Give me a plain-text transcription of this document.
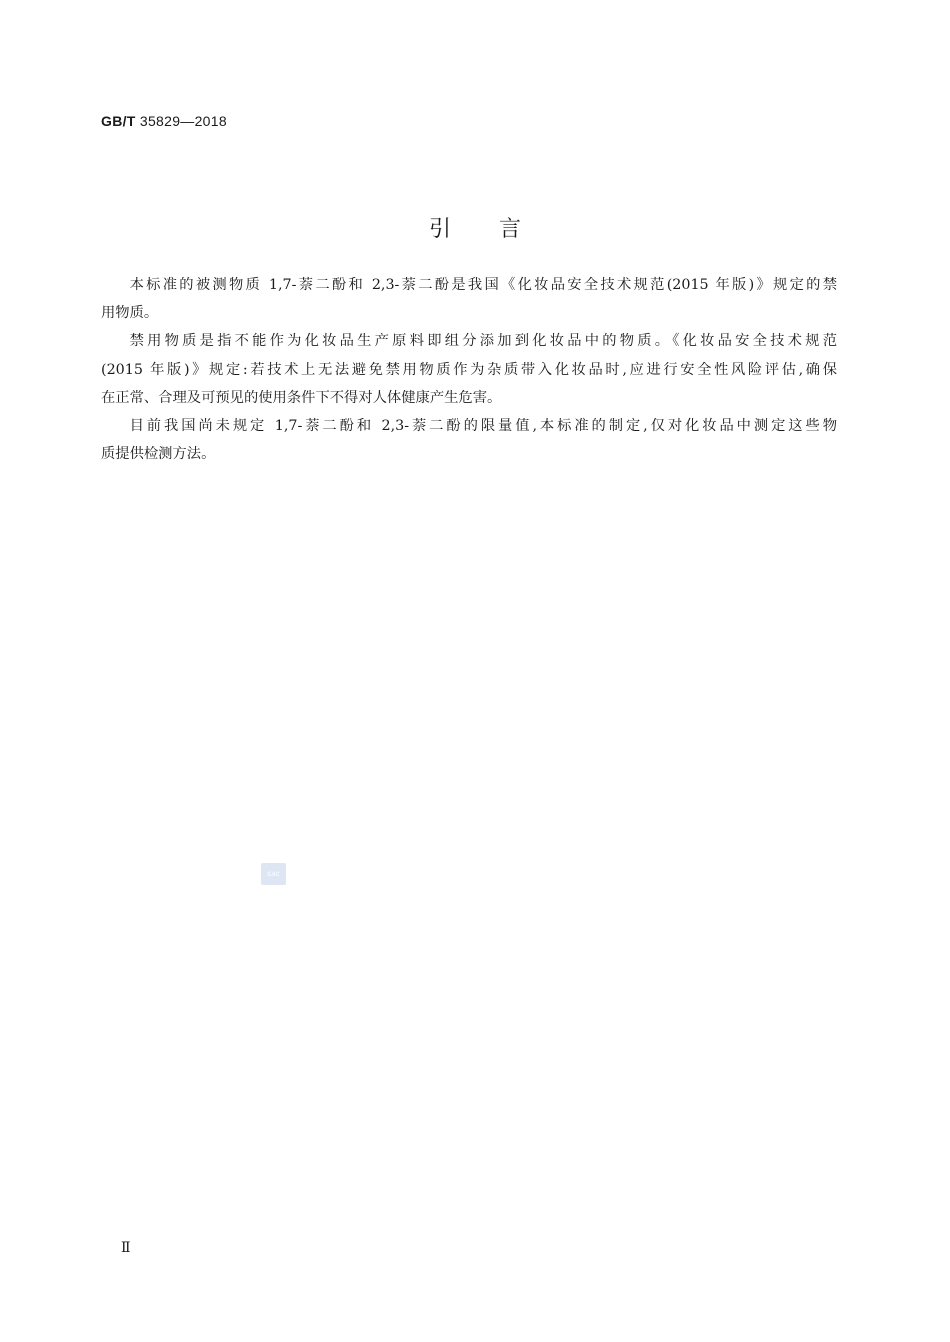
GB/T 35829—2018
引言

本标准的被测物质 1,7-萘二酚和 2,3-萘二酚是我国《化妆品安全技术规范(2015 年版)》规定的禁
用物质。

禁用物质是指不能作为化妆品生产原料即组分添加到化妆品中的物质。《化妆品安全技术规范
(2015 年版)》规定:若技术上无法避免禁用物质作为杂质带入化妆品时,应进行安全性风险评估,确保
在正常、合理及可预见的使用条件下不得对人体健康产生危害。

目前我国尚未规定 1,7-萘二酚和 2,3-萘二酚的限量值,本标准的制定,仅对化妆品中测定这些物
质提供检测方法。

SAC
Ⅱ
